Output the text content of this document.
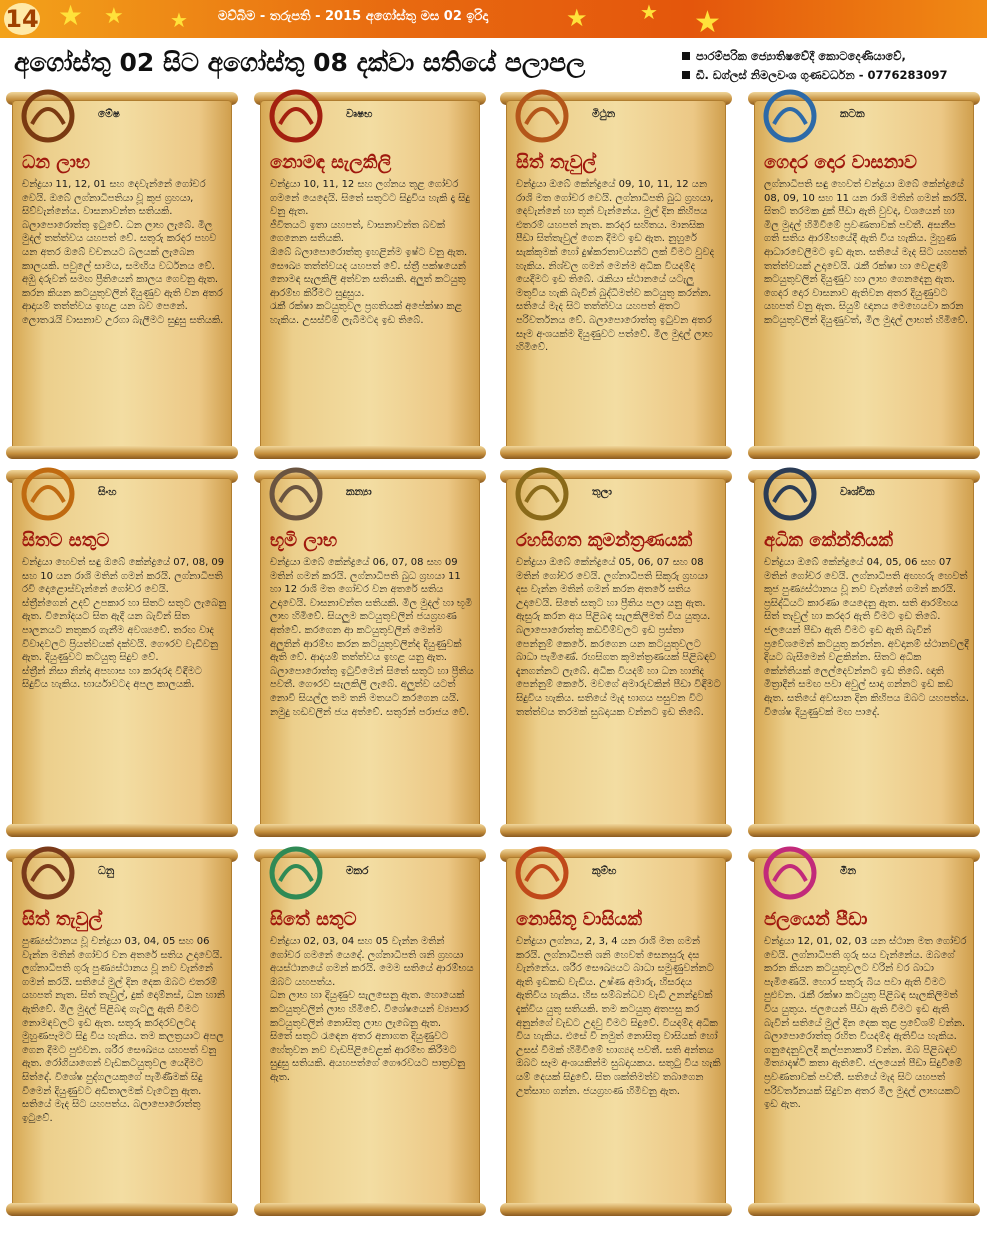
14 ★ ★ ★	★	★ ★
මව්බිම - තරුපති - 2015 අගෝස්තු මස 02 ඉරිදා
අගෝස්තු 02 සිට අගෝස්තු 08 දක්වා සතියේ පලාපල	පාරම්පරික ජ්‍යොතිෂවේදී කොටදෙණියාවේ,
ඩී. ඩග්ලස් නිමලවංශ ගුණවර්ධන - 0776283097
මේෂ
ධන ලාභ
චන්ද්‍රයා 11, 12, 01 සහ දෙවැන්නේ ගෝචර වෙයි. ඔබේ ලග්නාධිපතියා වූ කුජ ග්‍රහයා, සිව්වැන්නේය. වාසනාවන්ත සතියකි. බලාපොරොත්තු ඉටුවේ. ධන ලාභ ලැබේ. මිල මුදල් තත්ත්වය යහපත් වේ. සතුරු කරදර පහව යන අතර ඔබේ වචනයට බලයක් ලැබෙන කාලයකි. පවුලේ සාමය, සමඟිය වර්ධනය වේ.
අඹු දරුවන් සමඟ ප්‍රීතියෙන් කාලය ගෙවනු ඇත. කරන කියන කටයුතුවලින් දියුණුව ඇති වන අතර ආදායම් තත්ත්වය ඉහළ යන බව පෙනේ. ලොතරැයි වාසනාව උරගා බැලීමට සුදුසු සතියකි.
වෘෂභ
නොමඳ සැලකිලි
චන්ද්‍රයා 10, 11, 12 සහ ලග්නය තුළ ගෝචර ගමනේ යෙදෙයි. සිතේ සතුටට සිදුවිය හැකි දෑ සිදු වනු ඇත.
ජීවිතයට ඉතා යහපත්, වාසනාවන්ත බවක් ගෙනෙන සතියකි.
ඔබේ බලාපොරොත්තු ඉහළින්ම ඉෂ්ට වනු ඇත.
සෞඛ්‍ය තත්ත්වයද යහපත් වේ. ස්ත්‍රී පක්ෂයෙන් නොමඳ සැලකිලි අත්වන සතියකි. අලුත් කටයුතු ආරම්භ කිරීමට සුදුසුය.
රැකී රක්ෂා කටයුතුවල ප්‍රගතියක් අපේක්ෂා කළ හැකිය. උසස්වීම් ලැබීමටද ඉඩ තිබේ.
මිථුන
සිත් තැවුල්
චන්ද්‍රයා ඔබේ කේන්ද්‍රයේ 09, 10, 11, 12 යන රාශි මත ගෝචර වෙයි. ලග්නාධිපති බුධ ග්‍රහයා, දෙවැන්නේ හා තුන් වැන්නේය. මුල් දින කිහිපය එතරම් යහපත් නැත. කරදර සහිතය. මානසික පීඩා සිත්තැවුල් ගෙන දීමට ඉඩ ඇත. නුහුරේ සැක්කුමක් හෝ දුෂ්කරතාවයන්ට ලක් වීමට වුවද හැකිය. නිශ්චල ගමන් මෙන්ම අධික වියදම්ද යෙදීමට ඉඩ තිබේ. රැකියා ස්ථානයේ යටැලු මතුවිය හැකි බැවින් බුද්ධිමත්ව කටයුතු කරන්න. සතියේ මැද සිට තත්ත්වය යහපත් අතට පරිවර්තනය වේ. බලාපොරොත්තු ඉටුවන අතර සෑම අංශයක්ම දියුණුවට පත්වේ. මිල මුදල් ලාභ හිමිවේ.
කටක
ගෙදර දොර වාසනාව
ලග්නාධිපති සඳු හෙවත් චන්ද්‍රයා ඔබේ කේන්ද්‍රයේ 08, 09, 10 සහ 11 යන රාශි මතින් ගමන් කරයි. සිතට තරමක දුක් පීඩා ඇති වුවද, වශයෙන් හා මිල මුදල් හිමිවීමේ ප්‍රවණතාවක් පවතී. අසනීප ගති සතිය ආරම්භයේදී ඇති විය හැකිය. මුහුණ ආධාරවෙලීමට ඉඩ ඇත. සතියේ මැද සිට යහපත් තත්ත්වයක් උදාවෙයි. රැකී රක්ෂා හා වෙළඳාම් කටයුතුවලින් දියුණුව හා ලාභ ගෙනදෙනු ඇත. ගෙදර දොර වාසනාව ඇතිවන අතර දියුණුවට යහපත් වනු ඇත. සියුම් ඥානය මෙහෙයවා කරන කටයුතුවලින් දියුණුවත්, මිල මුදල් ලාභත් හිමිවේ.
සිංහ
සිතට සතුට
චන්ද්‍රයා හෙවත් සඳු ඔබේ කේන්ද්‍රයේ 07, 08, 09 සහ 10 යන රාශි මතින් ගමන් කරයි. ලග්නාධිපති රවි දොළොස්වැන්නේ ගෝචර වෙයි.
ස්ත්‍රීන්ගෙන් උදව් උපකාර හා සිතට සතුට ලැබෙනු ඇත. විනෝදයට සිත ඇදී යන බැවින් සිත පාලනයට නතුකර ගැනීම අවශ්‍යවේ. තරඟ වාද විවාදවලට ප්‍රියත්වයක් දක්වයි. ගෞරව වැඩිවනු ඇත. දියුණුවට කටයුතු සිදුව වේ.
ස්ත්‍රීන් නිසා නින්දා අපහාස හා කරදරද විඳීමට සිදුවිය හැකිය. භාර්යාවටද අපල කාලයකි.
කන්‍යා
භූමි ලාභ
චන්ද්‍රයා ඔබේ කේන්ද්‍රයේ 06, 07, 08 සහ 09 මතින් ගමන් කරයි. ලග්නාධිපති බුධ ග්‍රහයා 11 හා 12 රාශි මත ගෝචර වන අතරේ සතිය උදාවෙයි. වාසනාවන්ත සතියකි. මිල මුදල් හා භූමි ලාභ හිමිවේ. සියලුම කටයුතුවලින් ජයග්‍රහණ අත්වේ. කරගෙන ආ කටයුතුවලින් මෙන්ම අලුතින් ආරම්භ කරන කටයුතුවලින්ද දියුණුවක් ඇති වේ. ආදායම් තත්ත්වය ඉහළ යනු ඇත. බලාපොරොත්තු ඉටුවීමෙන් සිතේ සතුට හා ප්‍රීතිය පවතී. ගෞරව සැලකිලි ලැබේ. අලුත්ව යටත් නොවී සියල්ල තම තනි මතයට කරගෙන යයි. නමුදු හඩවලින් ජය අත්වේ. සතුරන් පරාජය වේ.
තුලා
රහසිගත කුමන්ත්‍රණයක්
චන්ද්‍රයා ඔබේ කේන්ද්‍රයේ 05, 06, 07 සහ 08 මතින් ගෝචර වෙයි. ලග්නාධිපති සිකුරු ග්‍රහයා දස වැන්න මතින් ගමන් කරන අතරේ සතිය උදාවෙයි. සිතේ සතුට හා ප්‍රීතිය පලා යනු ඇත. ඇසුරු කරන අය පිළිබඳ සැලකිලිමත් විය යුතුය. බලාපොරොත්තු කඩවීම්වලට ඉඩ ප්‍රස්තා පෙන්නුම් කෙරේ. කරගෙන යන කටයුතුවලට බාධා පැමිණේ. රහසිගත කුමන්ත්‍රණයක් පිළිබඳව දැනගන්නට ලැබේ. අධික වියදම් හා ධන හානිද පෙන්නුම් කෙරේ. මවගේ අමාරුවකින් පීඩා විඳීමට සිදුවිය හැකිය. සතියේ මැද භාගය පසුවන විට තත්ත්වය තරමක් සුබදායක වන්නට ඉඩ තිබේ.
වෘශ්චික
අධික කේන්තියක්
චන්ද්‍රයා ඔබේ කේන්ද්‍රයේ 04, 05, 06 සහ 07 මතින් ගෝචර වෙයි. ලග්නාධිපති අඟහරු හෙවත් කුජ පුණ්‍යස්ථානය වූ නව වැන්නේ ගමන් කරයි. ප්‍රසිද්ධියට කාරණා යෙදෙනු ඇත. සති ආරම්භය සිත් තැවුල් හා කරදර ඇති වීමට ඉඩ තිබේ. ජලයෙන් පීඩා ඇති වීමට ඉඩ ඇති බැවින් ප්‍රවේශමෙන් කටයුතු කරන්න. අවදානම් ස්ථානවලදී දියට බැසීමෙන් වළකින්න. සිතට අධික කේන්තියක් ලෙල්දෙවන්නට ඉඩ තිබේ. ඥාති මිත්‍රාදීන් සමඟ පවා අවුල් සාදා ගන්නට ඉඩ කඩ ඇත. සතියේ අවසාන දින කිහිපය ඔබට යහපත්ය. විශේෂ දියුණුවක් මඟ පාදේ.
ධනු
සිත් තැවුල්
පුණ්‍යස්ථානය වූ චන්ද්‍රයා 03, 04, 05 සහ 06 වැන්න මතින් ගෝචර වන අතරේ සතිය උදාවෙයි. ලග්නාධිපති ගුරු පුණ්‍යස්ථානය වූ නව වැන්නේ ගමන් කරයි. සතියේ මුල් දින දෙක ඔබට එතරම් යහපත් නැත. සිත් තැවුල්, දුක් දොම්නස්, ධන හානි ඇතිවේ. මිල මුදල් පිළිබඳ ගැටලු ඇති වීමට නොමඳවලට ඉඩ ඇත. සතුරු කරදරවලටද මුහුණපෑමට සිදු විය හැකිය. තම කලත්‍රයාට අපල ගෙන දීමට පුළුවන. ශරීර සෞඛ්‍යය යහපත් වනු ඇත. රෝගියාගෙන් වැඩකටයුතුවල යෙදීමට සිත්දේ. විශේෂ පුද්ගලයකුගේ පැමිණීමක් සිදු වීමෙන් දියුණුවට අඩිතාලමක් වැටෙනු ඇත. සතියේ මැද සිට යහපත්ය. බලාපොරොත්තු ඉටුවේ.
මකර
සිතේ සතුට
චන්ද්‍රයා 02, 03, 04 සහ 05 වැන්න මතින් ගෝචර ගමනේ යෙදේ. ලග්නාධිපති ශනි ග්‍රහයා අයස්ථානයේ ගමන් කරයි. මෙම සතියේ ආරම්භය ඔබට යහපත්ය.
ධන ලාභ හා දියුණුව සැලසෙනු ඇත. හොයෙක් කටයුතුවලින් ලාභ හිමිවේ. විශේෂයෙන් ව්‍යාපාර කටයුතුවලින් නොසිතූ ලාභ ලැබෙනු ඇත.
සිතේ සතුට රැඳෙන අතර අනාගත දියුණුවට හේතුවන නව වැඩපිළිවෙළක් ආරම්භ කිරීමට සුදුසු සතියකි. අයහපත්ගේ ගෞරවයට පාත්‍රවනු ඇත.
කුම්භ
නොසිතූ වාසියක්
චන්ද්‍රයා ලග්නය, 2, 3, 4 යන රාශි මත ගමන් කරයි. ලග්නාධිපති ශනි හෙවත් සෙනසුරු දස වැන්නේය. ශරීර සෞඛ්‍යයට බාධා සමුණුවන්නට ඇති ඉඩකඩ වැඩිය. උෂ්ණ අමාරු, හිසරදය ඇතිවිය හැකිය. හිස සම්බන්ධව වැඩි උනන්දුවක් දැක්විය යුතු සතියකි. තම කටයුතු අතපසු කර අනුන්ගේ වැඩට උදවු වීමට සිදුවේ. වියදම්ද අධික විය හැකිය. එසේ වී නමුත් නොසිතූ වාසියක් හෝ උසස් වීමක් හිමිවීමේ භාග්‍යද පවතී. සති අන්තය ඔබට සෑම අංශයකින්ම සුබදායකය. සතුටු විය හැකි යම් දෙයක් සිදුවේ. සිත ශක්තිමත්ව තබාගෙන උත්සාහ ගන්න. ජයග්‍රහණ හිමිවනු ඇත.
මීන
ජලයෙන් පීඩා
චන්ද්‍රයා 12, 01, 02, 03 යන ස්ථාන මත ගෝචර වෙයි. ලග්නාධිපති ගුරු සය වැන්නේය. ඔබගේ කරන කියන කටයුතුවලට වරින් වර බාධා පැමිණෙයි. හොර සතුරු බිය පවා ඇති වීමට පුළුවන. රැකී රක්ෂා කටයුතු පිළිබඳ සැලකිලිමත් විය යුතුය. ජලයෙන් පීඩා ඇති වීමට ඉඩ ඇති බැවින් සතියේ මුල් දින දෙක තුළ ප්‍රවේශම් වන්න. බලාපොරොත්තු රහිත වියදම්ද ඇතිවිය හැකිය. ගනුදෙනුවලදී කල්පනාකාරී වන්න. ඔබ පිළිබඳව මිත්‍යාදෘෂ්ටි කතා ඇතිවේ. ජලයෙන් පීඩා සිදුවීමේ ප්‍රවණතාවක් පවතී. සතියේ මැද සිට යහපත් පරිවර්තනයක් සිදුවන අතර මිල මුදල් ලාභයකට ඉඩ ඇත.
